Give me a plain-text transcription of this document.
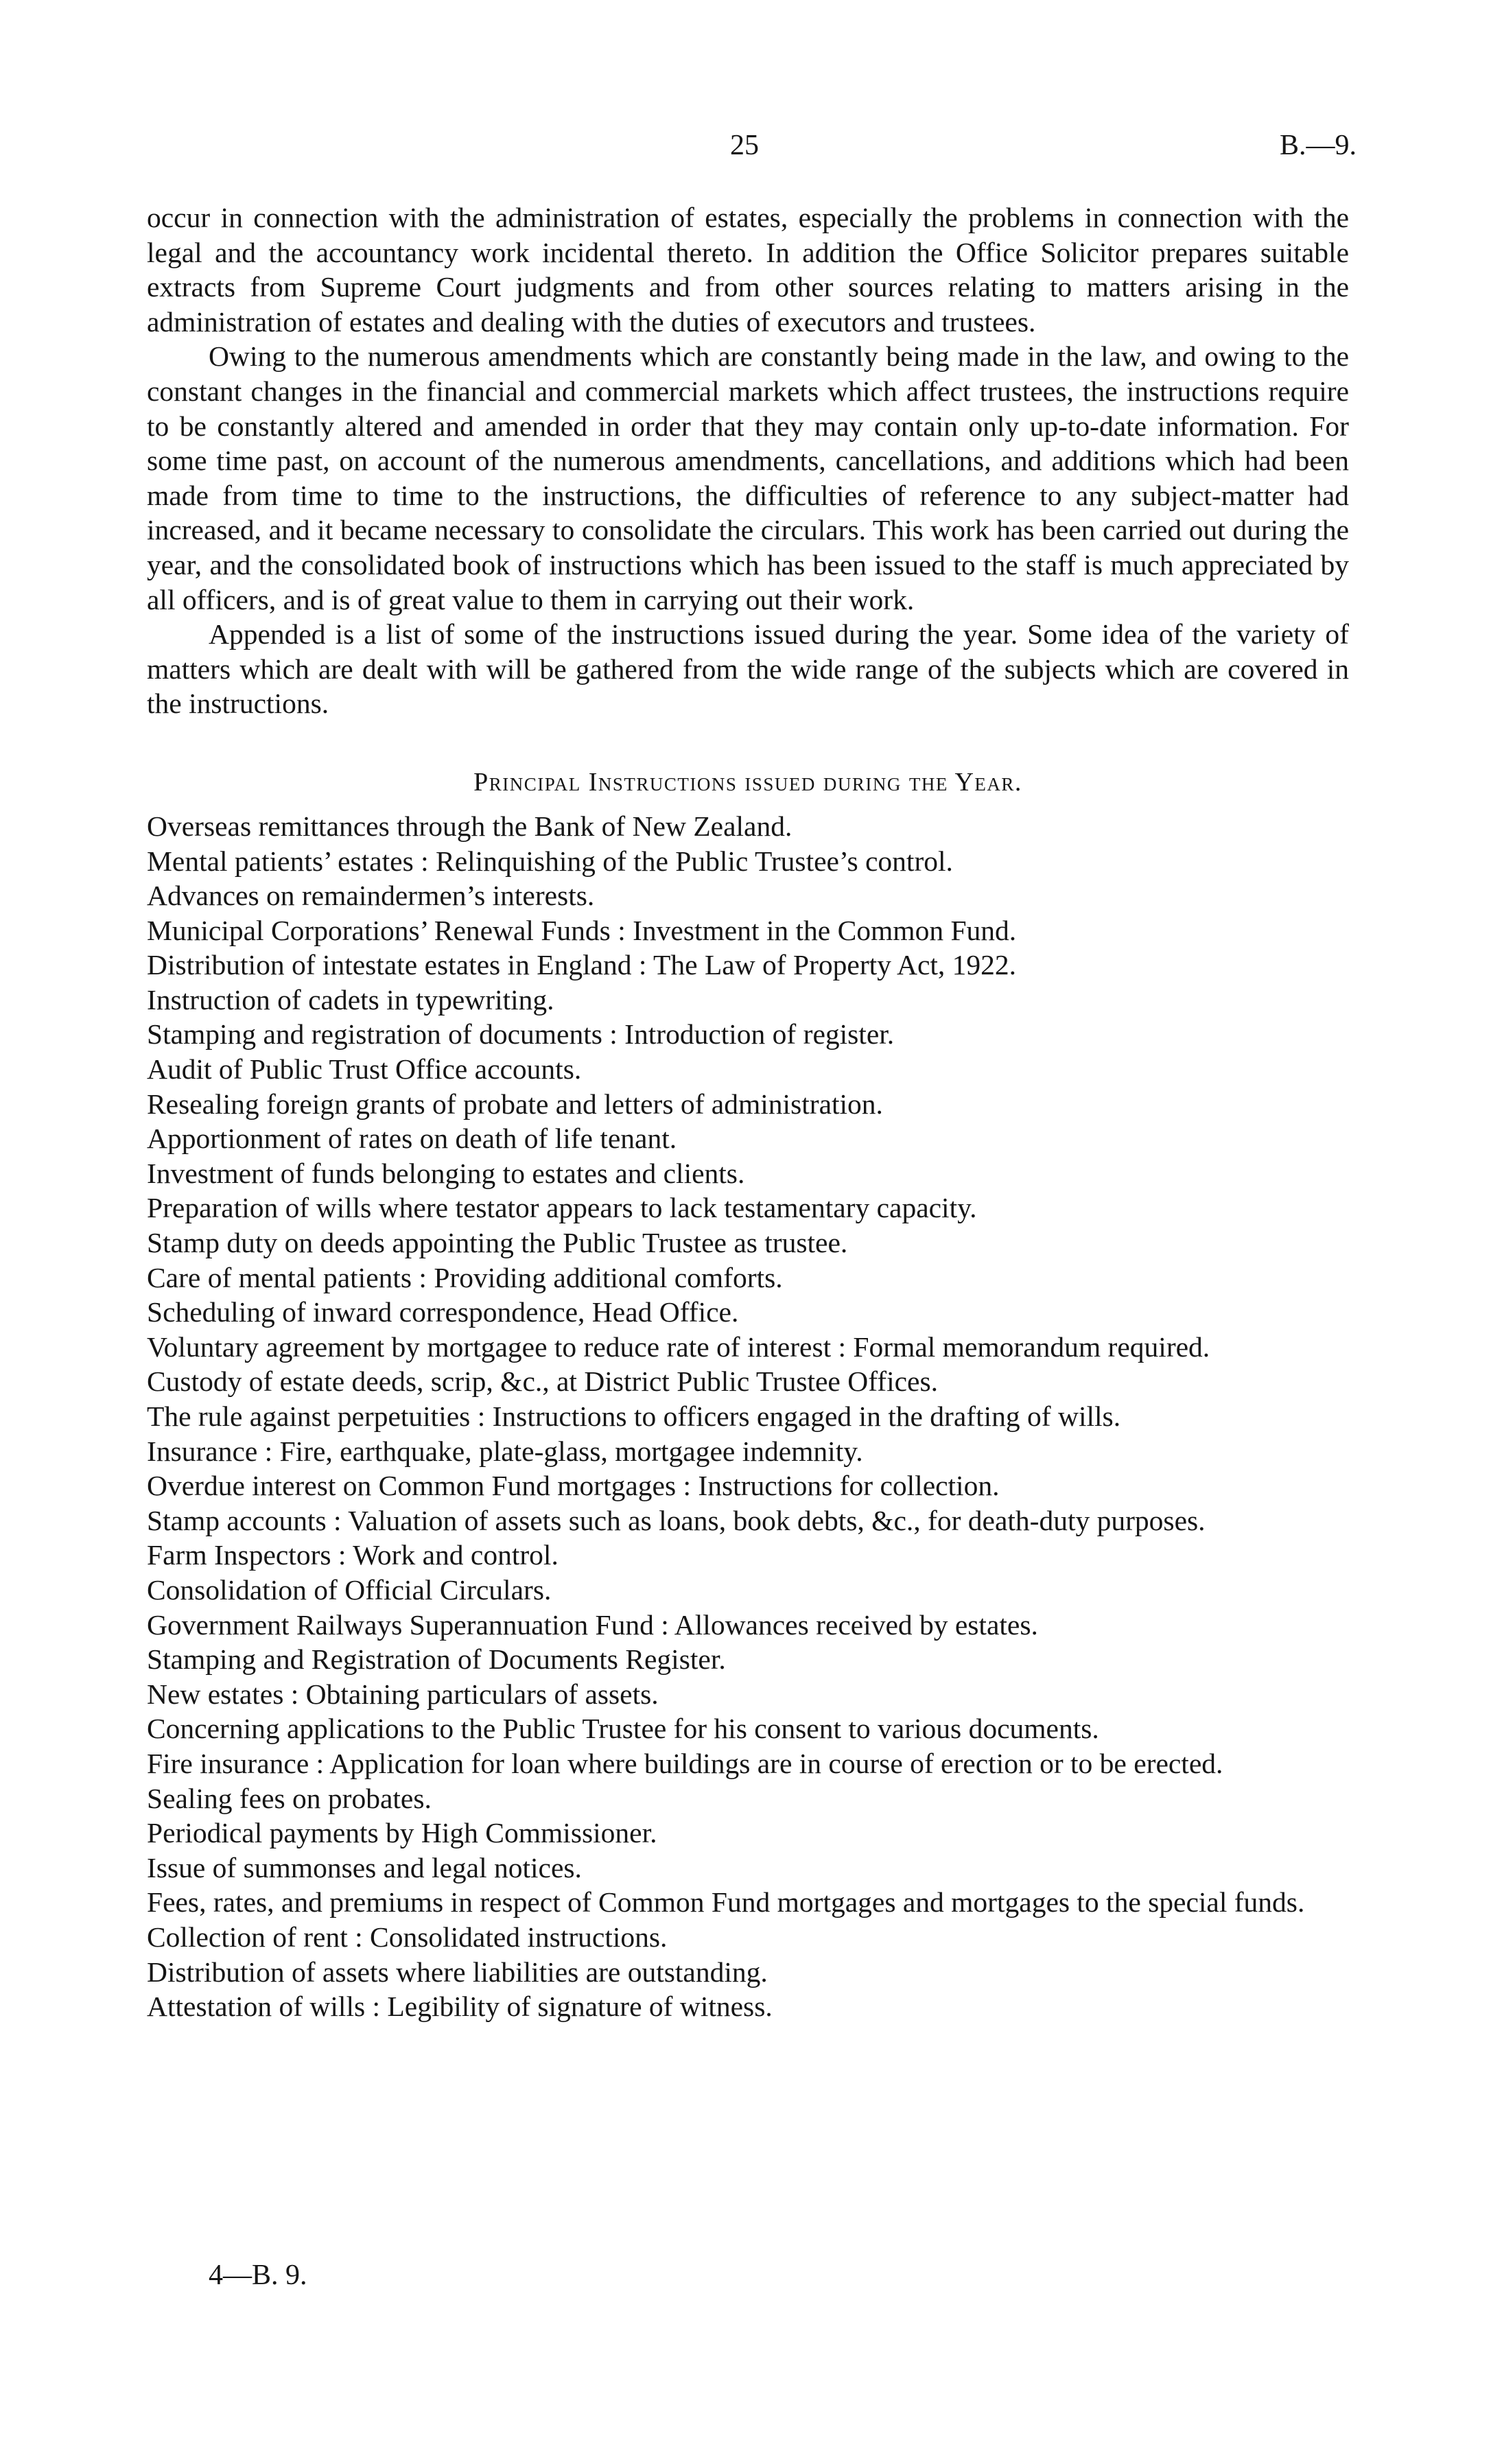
25	B.—9.

occur in connection with the administration of estates, especially the problems in connection with the legal and the accountancy work incidental thereto. In addition the Office Solicitor prepares suitable extracts from Supreme Court judgments and from other sources relating to matters arising in the administration of estates and dealing with the duties of executors and trustees.

Owing to the numerous amendments which are constantly being made in the law, and owing to the constant changes in the financial and commercial markets which affect trustees, the instructions require to be constantly altered and amended in order that they may contain only up-to-date information. For some time past, on account of the numerous amendments, cancellations, and additions which had been made from time to time to the instructions, the difficulties of reference to any subject-matter had increased, and it became necessary to consolidate the circulars. This work has been carried out during the year, and the consolidated book of instructions which has been issued to the staff is much appreciated by all officers, and is of great value to them in carrying out their work.

Appended is a list of some of the instructions issued during the year. Some idea of the variety of matters which are dealt with will be gathered from the wide range of the subjects which are covered in the instructions.

Principal Instructions issued during the Year.
Overseas remittances through the Bank of New Zealand.
Mental patients’ estates : Relinquishing of the Public Trustee’s control.
Advances on remaindermen’s interests.
Municipal Corporations’ Renewal Funds : Investment in the Common Fund.
Distribution of intestate estates in England : The Law of Property Act, 1922.
Instruction of cadets in typewriting.
Stamping and registration of documents : Introduction of register.
Audit of Public Trust Office accounts.
Resealing foreign grants of probate and letters of administration.
Apportionment of rates on death of life tenant.
Investment of funds belonging to estates and clients.
Preparation of wills where testator appears to lack testamentary capacity.
Stamp duty on deeds appointing the Public Trustee as trustee.
Care of mental patients : Providing additional comforts.
Scheduling of inward correspondence, Head Office.
Voluntary agreement by mortgagee to reduce rate of interest : Formal memorandum required.
Custody of estate deeds, scrip, &c., at District Public Trustee Offices.
The rule against perpetuities : Instructions to officers engaged in the drafting of wills.
Insurance : Fire, earthquake, plate-glass, mortgagee indemnity.
Overdue interest on Common Fund mortgages : Instructions for collection.
Stamp accounts : Valuation of assets such as loans, book debts, &c., for death-duty purposes.
Farm Inspectors : Work and control.
Consolidation of Official Circulars.
Government Railways Superannuation Fund : Allowances received by estates.
Stamping and Registration of Documents Register.
New estates : Obtaining particulars of assets.
Concerning applications to the Public Trustee for his consent to various documents.
Fire insurance : Application for loan where buildings are in course of erection or to be erected.
Sealing fees on probates.
Periodical payments by High Commissioner.
Issue of summonses and legal notices.
Fees, rates, and premiums in respect of Common Fund mortgages and mortgages to the special funds.
Collection of rent : Consolidated instructions.
Distribution of assets where liabilities are outstanding.
Attestation of wills : Legibility of signature of witness.
4—B. 9.
